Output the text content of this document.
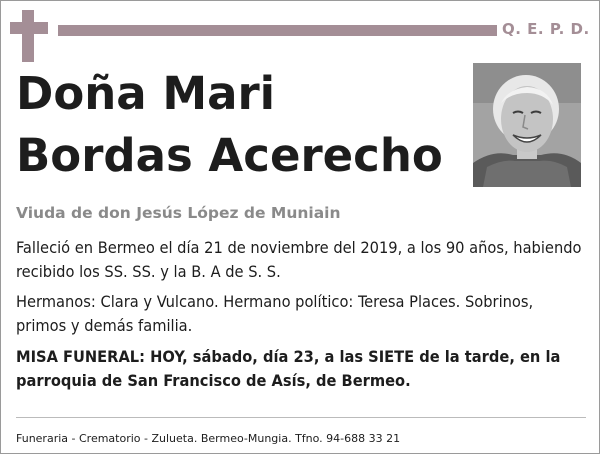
Q. E. P. D.
Doña Mari
Bordas Acerecho
Viuda de don Jesús López de Muniain

Falleció en Bermeo el día 21 de noviembre del 2019, a los 90 años, habiendo recibido los SS. SS. y la B. A de S. S.

Hermanos: Clara y Vulcano. Hermano político: Teresa Places. Sobrinos, primos y demás familia.

MISA FUNERAL: HOY, sábado, día 23, a las SIETE de la tarde, en la parroquia de San Francisco de Asís, de Bermeo.

Funeraria - Crematorio - Zulueta. Bermeo-Mungia. Tfno. 94-688 33 21
